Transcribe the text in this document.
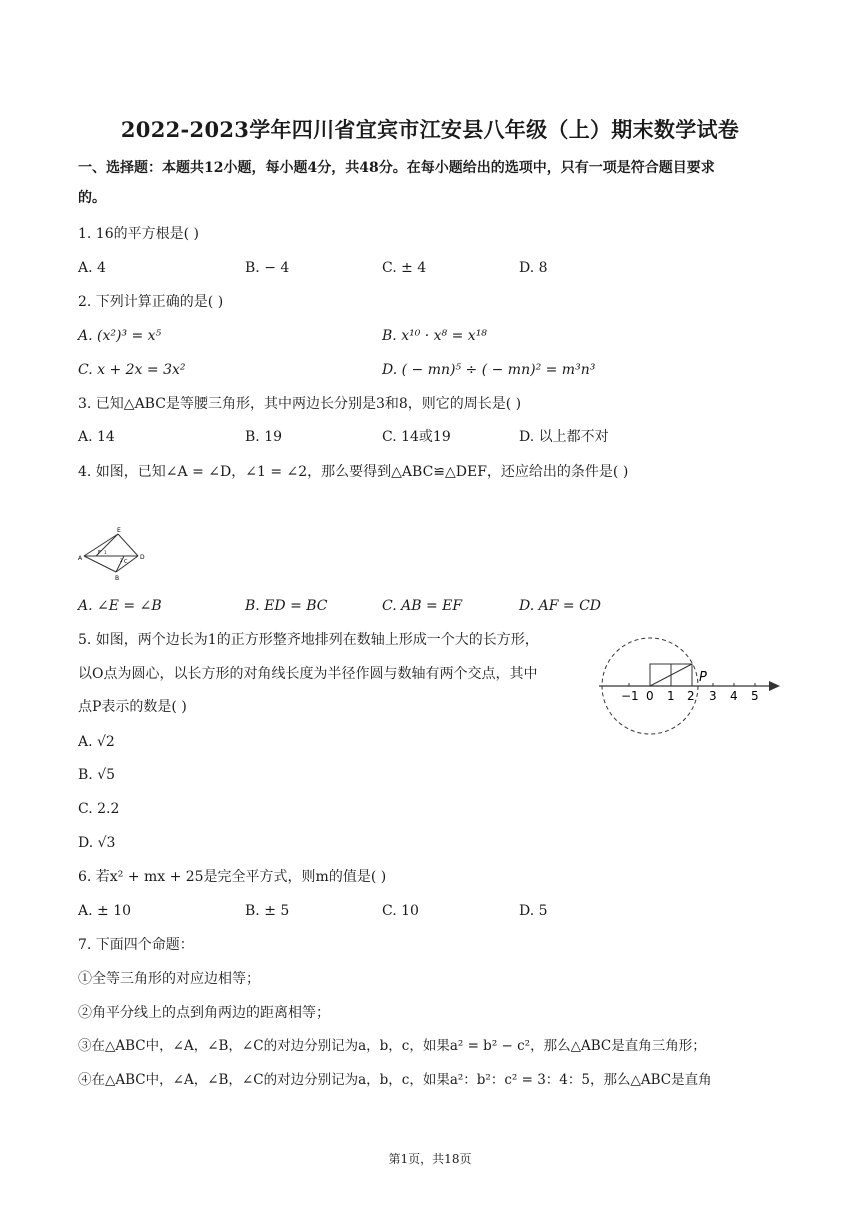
2022-2023学年四川省宜宾市江安县八年级（上）期末数学试卷
一、选择题：本题共12小题，每小题4分，共48分。在每小题给出的选项中，只有一项是符合题目要求
的。
1. 16的平方根是( )
A. 4	B. − 4	C. ± 4	D. 8
2. 下列计算正确的是( )
A. (x²)³ = x⁵	B. x¹⁰ · x⁸ = x¹⁸
C. x + 2x = 3x²	D. ( − mn)⁵ ÷ ( − mn)² = m³n³
3. 已知△ABC是等腰三角形，其中两边长分别是3和8，则它的周长是( )
A. 14	B. 19	C. 14或19	D. 以上都不对
4. 如图，已知∠A = ∠D，∠1 = ∠2，那么要得到△ABC≌△DEF，还应给出的条件是( )
A	D
E
B
F
C
1
2
A. ∠E = ∠B	B. ED = BC	C. AB = EF	D. AF = CD
5. 如图，两个边长为1的正方形整齐地排列在数轴上形成一个大的长方形，
以O点为圆心，以长方形的对角线长度为半径作圆与数轴有两个交点，其中
点P表示的数是( )
−1 0 1 2 3 4 5
P
A. √2
B. √5
C. 2.2
D. √3
6. 若x² + mx + 25是完全平方式，则m的值是( )
A. ± 10	B. ± 5	C. 10	D. 5
7. 下面四个命题：
①全等三角形的对应边相等；
②角平分线上的点到角两边的距离相等；
③在△ABC中，∠A，∠B，∠C的对边分别记为a，b，c，如果a² = b² − c²，那么△ABC是直角三角形；
④在△ABC中，∠A，∠B，∠C的对边分别记为a，b，c，如果a²：b²：c² = 3：4：5，那么△ABC是直角
第1页，共18页
